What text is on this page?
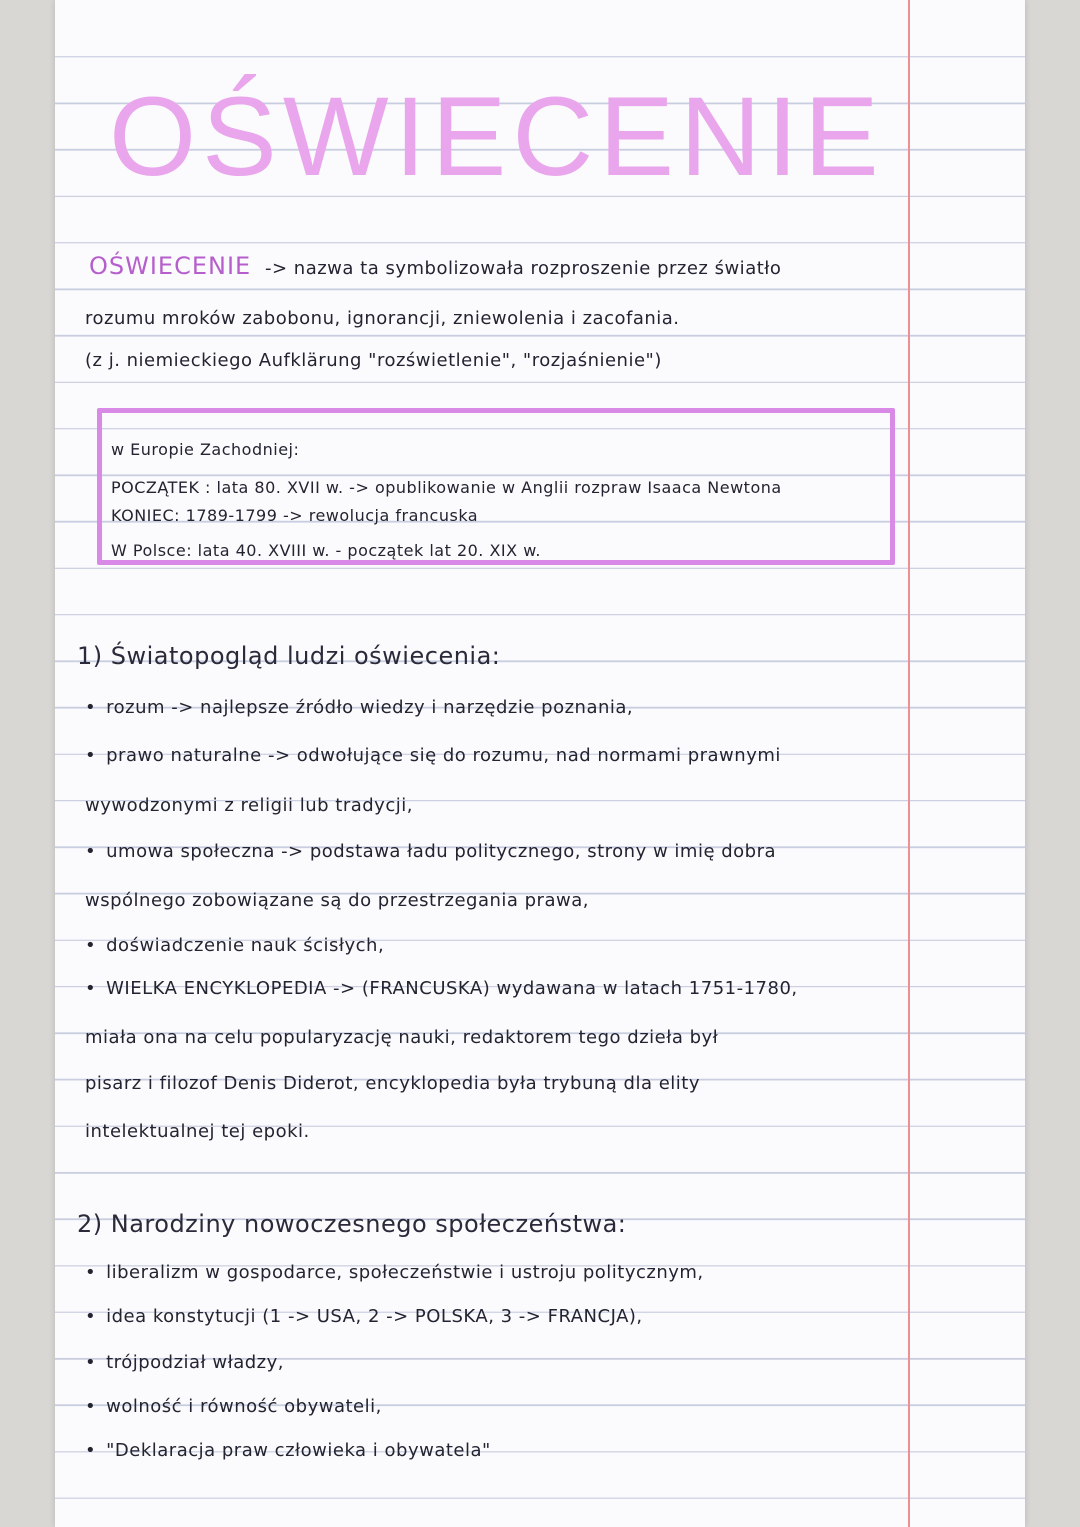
OŚWIECENIE
OŚWIECENIE -> nazwa ta symbolizowała rozproszenie przez światło
rozumu mroków zabobonu, ignorancji, zniewolenia i zacofania.
(z j. niemieckiego Aufklärung "rozświetlenie", "rozjaśnienie")
w Europie Zachodniej:
POCZĄTEK : lata 80. XVII w. -> opublikowanie w Anglii rozpraw Isaaca Newtona
KONIEC: 1789-1799 -> rewolucja francuska
W Polsce: lata 40. XVIII w. - początek lat 20. XIX w.
1) Światopogląd ludzi oświecenia:
• rozum -> najlepsze źródło wiedzy i narzędzie poznania,
• prawo naturalne -> odwołujące się do rozumu, nad normami prawnymi
wywodzonymi z religii lub tradycji,
• umowa społeczna -> podstawa ładu politycznego, strony w imię dobra
wspólnego zobowiązane są do przestrzegania prawa,
• doświadczenie nauk ścisłych,
• WIELKA ENCYKLOPEDIA -> (FRANCUSKA) wydawana w latach 1751-1780,
miała ona na celu popularyzację nauki, redaktorem tego dzieła był
pisarz i filozof Denis Diderot, encyklopedia była trybuną dla elity
intelektualnej tej epoki.
2) Narodziny nowoczesnego społeczeństwa:
• liberalizm w gospodarce, społeczeństwie i ustroju politycznym,
• idea konstytucji (1 -> USA, 2 -> POLSKA, 3 -> FRANCJA),
• trójpodział władzy,
• wolność i równość obywateli,
• "Deklaracja praw człowieka i obywatela"
